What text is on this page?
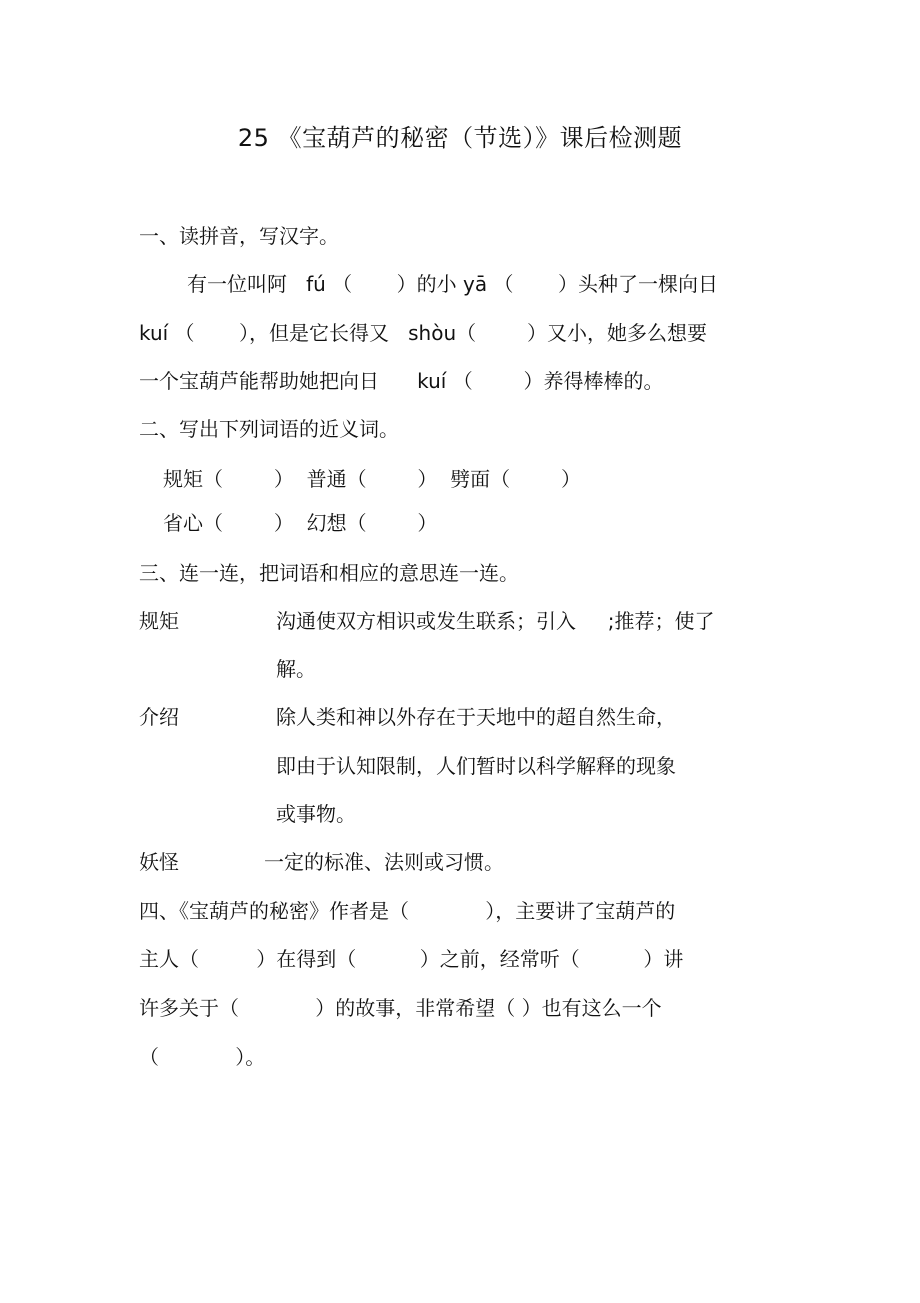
25 《宝葫芦的秘密（节选）》课后检测题
一、读拼音，写汉字。
有一位叫阿   fú （       ）的小 yā （       ）头种了一棵向日
kuí （       ），但是它长得又   shòu（        ）又小，她多么想要
一个宝葫芦能帮助她把向日      kuí （        ）养得棒棒的。
二、写出下列词语的近义词。
规矩（        ）  普通（        ）  劈面（        ）
省心（        ）  幻想（        ）
三、连一连，把词语和相应的意思连一连。
规矩	沟通使双方相识或发生联系；引入     ;推荐；使了
解。
介绍	除人类和神以外存在于天地中的超自然生命，
即由于认知限制，人们暂时以科学解释的现象
或事物。
妖怪	一定的标准、法则或习惯。
四、《宝葫芦的秘密》作者是（            ），主要讲了宝葫芦的
主人（         ）在得到（          ）之前，经常听（          ）讲
许多关于（            ）的故事，非常希望（ ）也有这么一个
（            ）。
